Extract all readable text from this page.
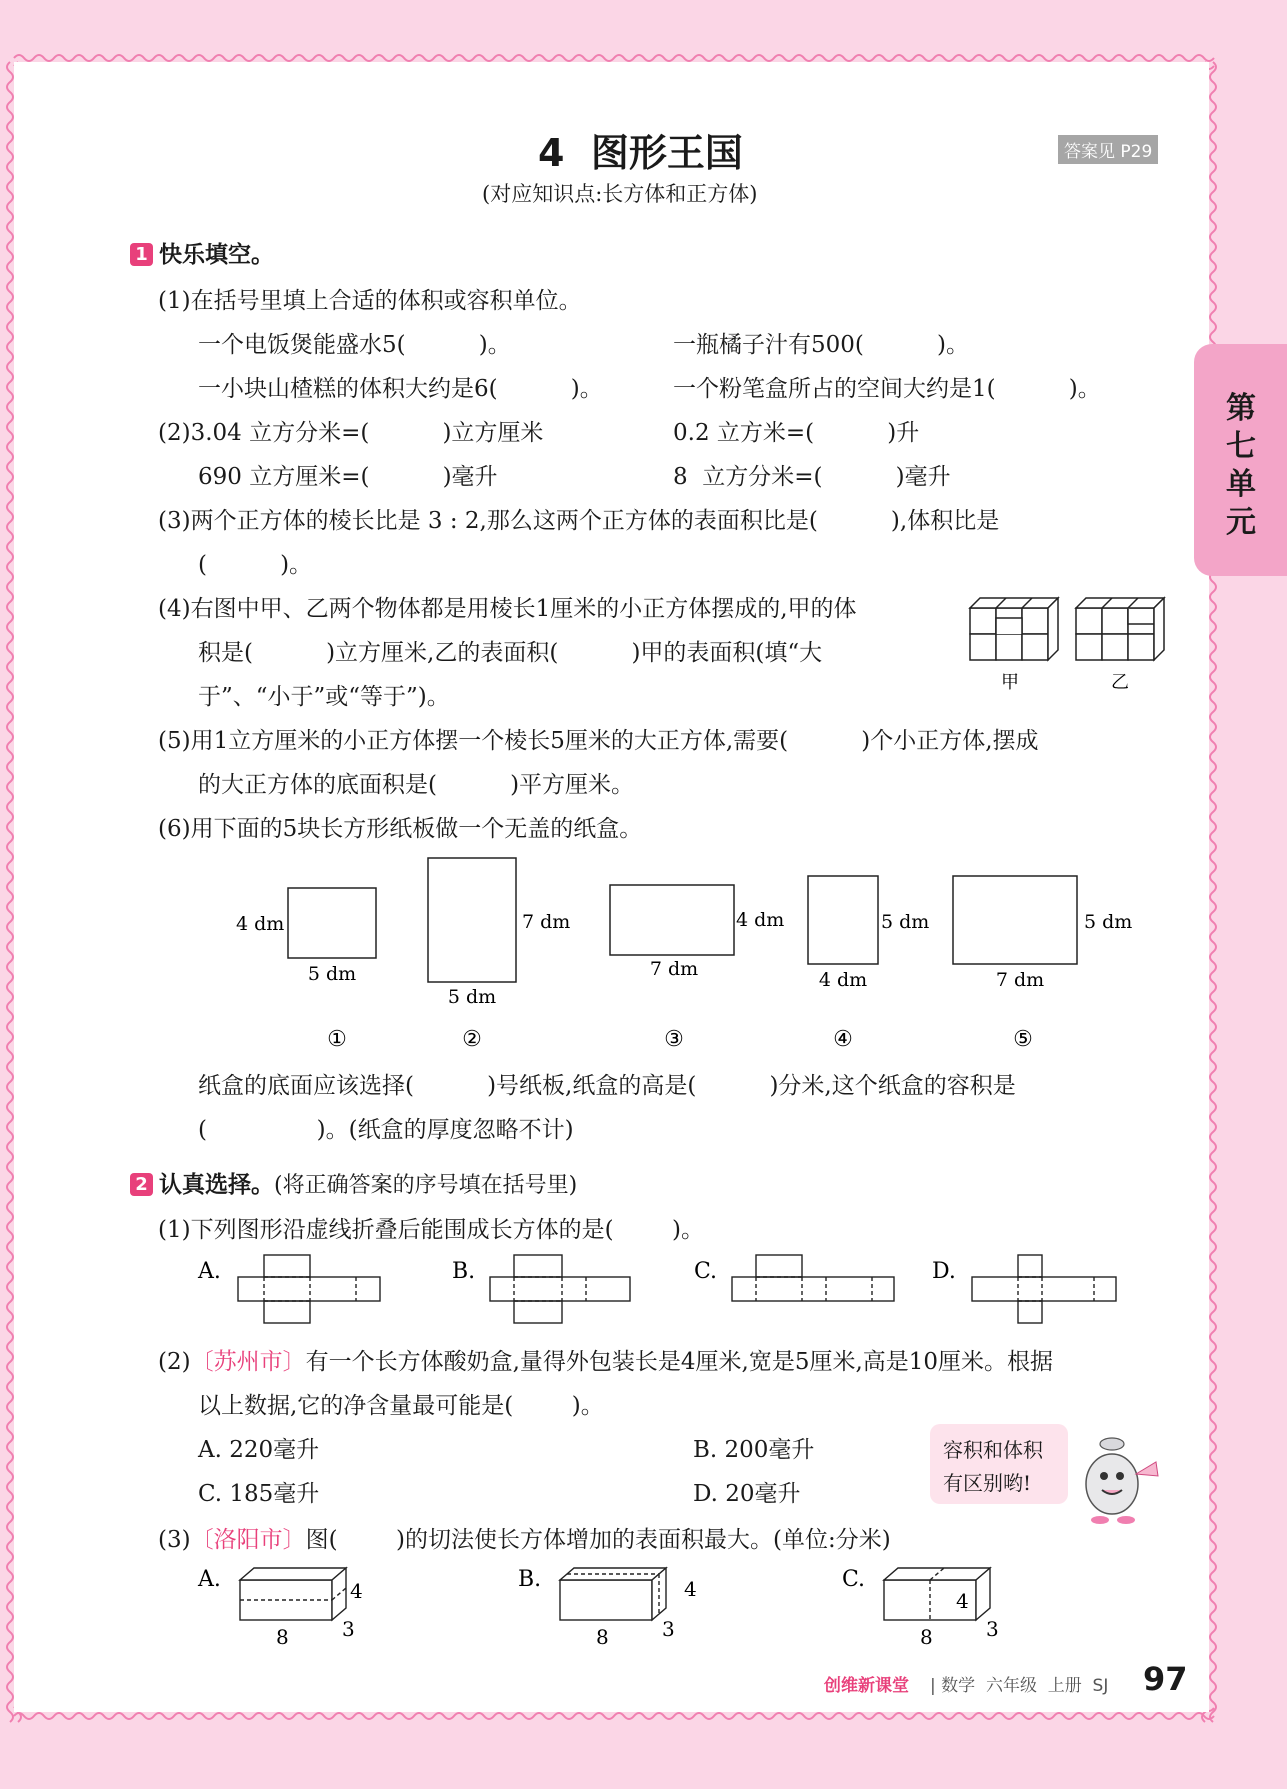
第七单元
4  图形王国	答案见 P29
(对应知识点:长方体和正方体)
1 快乐填空。
(1)在括号里填上合适的体积或容积单位。
一个电饭煲能盛水5(          )。	一瓶橘子汁有500(          )。
一小块山楂糕的体积大约是6(          )。	一个粉笔盒所占的空间大约是1(          )。
(2)3.04 立方分米=(          )立方厘米	0.2 立方米=(          )升
690 立方厘米=(          )毫升	8  立方分米=(          )毫升
(3)两个正方体的棱长比是 3 : 2,那么这两个正方体的表面积比是(          ),体积比是
(          )。
(4)右图中甲、乙两个物体都是用棱长1厘米的小正方体摆成的,甲的体
积是(          )立方厘米,乙的表面积(          )甲的表面积(填“大
于”、“小于”或“等于”)。
甲	乙
(5)用1立方厘米的小正方体摆一个棱长5厘米的大正方体,需要(          )个小正方体,摆成
的大正方体的底面积是(          )平方厘米。
(6)用下面的5块长方形纸板做一个无盖的纸盒。
4 dm
5 dm
7 dm
5 dm
4 dm
7 dm
5 dm
4 dm
5 dm
7 dm
①	②	③	④	⑤
纸盒的底面应该选择(          )号纸板,纸盒的高是(          )分米,这个纸盒的容积是
(               )。(纸盒的厚度忽略不计)
2 认真选择。(将正确答案的序号填在括号里)
(1)下列图形沿虚线折叠后能围成长方体的是(        )。
A.	B.	C.	D.
(2)〔苏州市〕有一个长方体酸奶盒,量得外包装长是4厘米,宽是5厘米,高是10厘米。根据
以上数据,它的净含量最可能是(        )。
A. 220毫升	B. 200毫升
C. 185毫升	D. 20毫升
容积和体积
有区别哟!
(3)〔洛阳市〕图(        )的切法使长方体增加的表面积最大。(单位:分米)
A.	B.	C.
8	3
4
8	3
4
8	3
4
创维新课堂 | 数学  六年级  上册  SJ 97
